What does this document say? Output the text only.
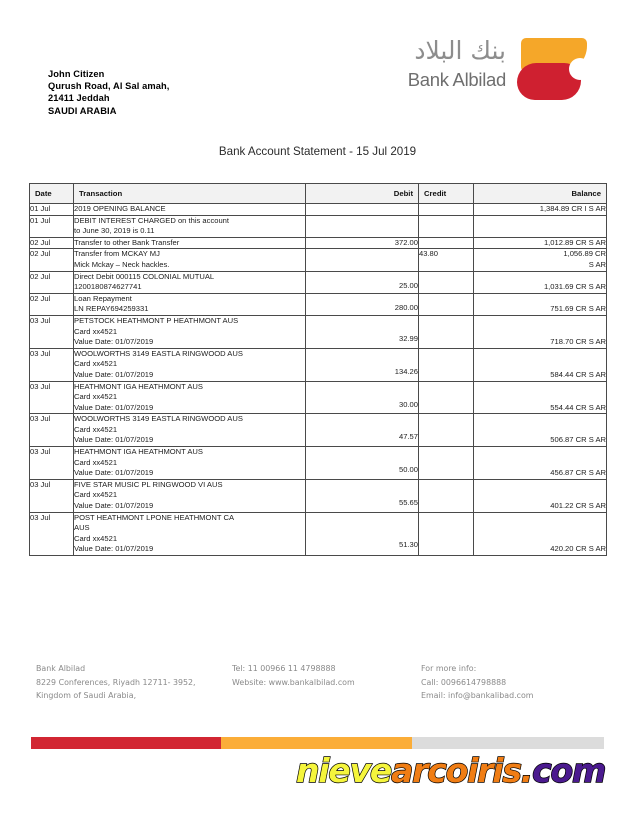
John Citizen
Qurush Road, Al Sal amah,
21411 Jeddah
SAUDI ARABIA
بنك البلاد
Bank Albilad
Bank Account Statement - 15 Jul 2019
Date	Transaction	Debit	Credit	Balance
01 Jul	2019 OPENING BALANCE			1,384.89 CR I S AR

01 Jul	DEBIT INTEREST CHARGED on this account
to June 30, 2019 is 0.11			

02 Jul	Transfer to other Bank Transfer	372.00		1,012.89 CR S AR

02 Jul	Transfer from MCKAY MJ
Mick Mckay – Neck hackles.		43.80	1,056.89 CR
S AR

02 Jul	Direct Debit 000115 COLONIAL MUTUAL
1200180874627741	25.00		1,031.69 CR S AR

02 Jul	Loan Repayment
LN REPAY694259331	280.00		751.69 CR S AR

03 Jul	PETSTOCK HEATHMONT P HEATHMONT AUS
Card xx4521
Value Date: 01/07/2019	32.99		718.70 CR S AR

03 Jul	WOOLWORTHS 3149 EASTLA RINGWOOD AUS
Card xx4521
Value Date: 01/07/2019	134.26		584.44 CR S AR

03 Jul	HEATHMONT IGA HEATHMONT AUS
Card xx4521
Value Date: 01/07/2019	30.00		554.44 CR S AR

03 Jul	WOOLWORTHS 3149 EASTLA RINGWOOD AUS
Card xx4521
Value Date: 01/07/2019	47.57		506.87 CR S AR

03 Jul	HEATHMONT IGA HEATHMONT AUS
Card xx4521
Value Date: 01/07/2019	50.00		456.87 CR S AR

03 Jul	FIVE STAR MUSIC PL RINGWOOD VI AUS
Card xx4521
Value Date: 01/07/2019	55.65		401.22 CR S AR

03 Jul	POST HEATHMONT LPONE HEATHMONT CA
AUS
Card xx4521
Value Date: 01/07/2019	51.30		420.20 CR S AR
Bank Albilad
8229 Conferences, Riyadh 12711- 3952,
Kingdom of Saudi Arabia,
Tel: 11 00966 11 4798888
Website: www.bankalbilad.com
For more info:
Call: 0096614798888
Email: info@bankalibad.com
nievearcoiris.com
